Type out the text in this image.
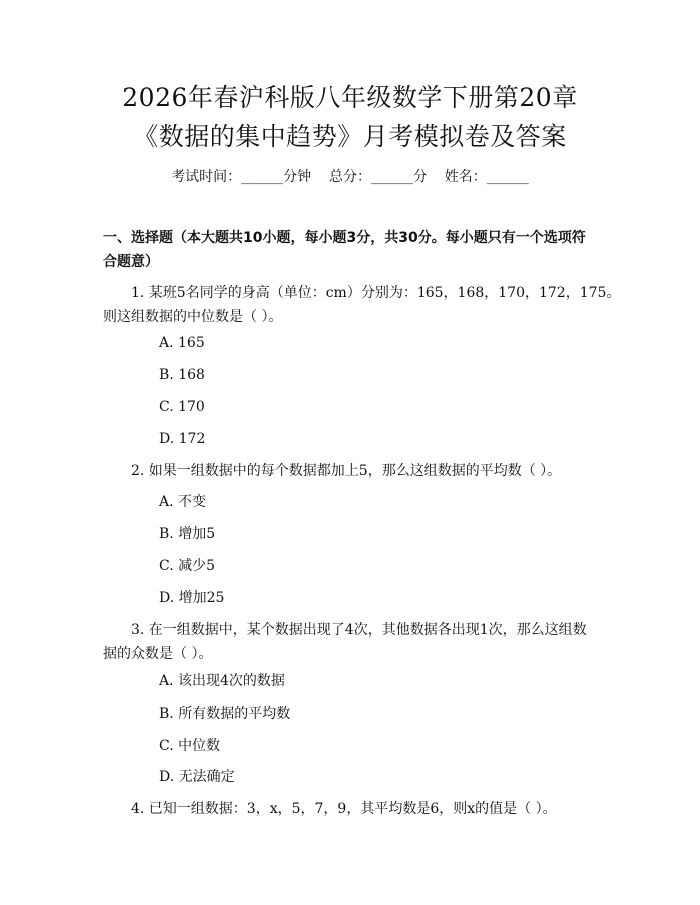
2026年春沪科版八年级数学下册第20章
《数据的集中趋势》月考模拟卷及答案
考试时间：______分钟    总分：______分    姓名：______
一、选择题（本大题共10小题，每小题3分，共30分。每小题只有一个选项符
合题意）
1. 某班5名同学的身高（单位：cm）分别为：165，168，170，172，175。
则这组数据的中位数是（ ）。
A. 165
B. 168
C. 170
D. 172
2. 如果一组数据中的每个数据都加上5，那么这组数据的平均数（ ）。
A. 不变
B. 增加5
C. 减少5
D. 增加25
3. 在一组数据中，某个数据出现了4次，其他数据各出现1次，那么这组数
据的众数是（ ）。
A. 该出现4次的数据
B. 所有数据的平均数
C. 中位数
D. 无法确定
4. 已知一组数据：3，x，5，7，9，其平均数是6，则x的值是（ ）。
